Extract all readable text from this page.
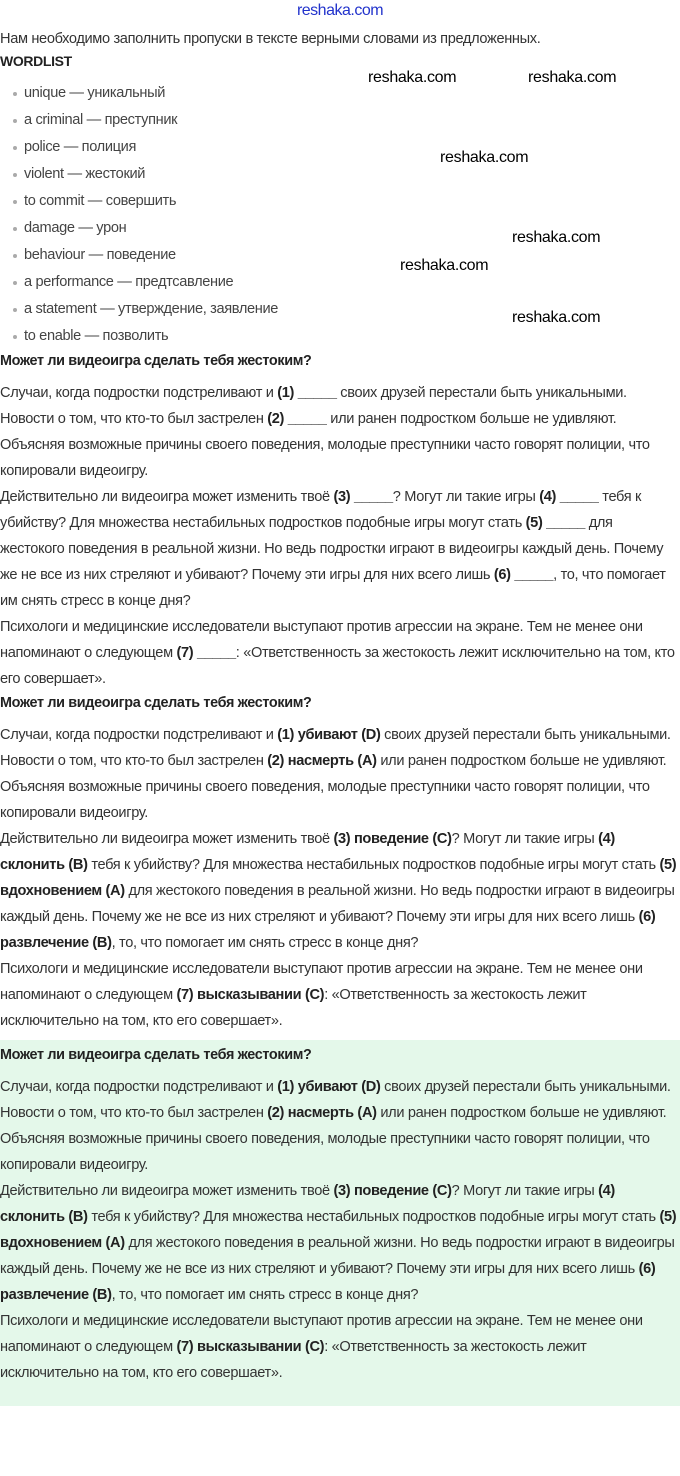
reshaka.com

Нам необходимо заполнить пропуски в тексте верными словами из предложенных.

WORDLIST

unique — уникальный
a criminal — преступник
police — полиция
violent — жестокий
to commit — совершить
damage — урон
behaviour — поведение
a performance — предтсавление
a statement — утверждение, заявление
to enable — позволить
Может ли видеоигра сделать тебя жестоким?

Случаи, когда подростки подстреливают и (1) _____ своих друзей перестали быть уникальными. Новости о том, что кто-то был застрелен (2) _____ или ранен подростком больше не удивляют. Объясняя возможные причины своего поведения, молодые преступники часто говорят полиции, что копировали видеоигру.

Действительно ли видеоигра может изменить твоё (3) _____? Могут ли такие игры (4) _____ тебя к убийству? Для множества нестабильных подростков подобные игры могут стать (5) _____ для жестокого поведения в реальной жизни. Но ведь подростки играют в видеоигры каждый день. Почему же не все из них стреляют и убивают? Почему эти игры для них всего лишь (6) _____, то, что помогает им снять стресс в конце дня?

Психологи и медицинские исследователи выступают против агрессии на экране. Тем не менее они напоминают о следующем (7) _____: «Ответственность за жестокость лежит исключительно на том, кто его совершает».

Может ли видеоигра сделать тебя жестоким?

Случаи, когда подростки подстреливают и (1) убивают (D) своих друзей перестали быть уникальными. Новости о том, что кто-то был застрелен (2) насмерть (A) или ранен подростком больше не удивляют. Объясняя возможные причины своего поведения, молодые преступники часто говорят полиции, что копировали видеоигру.

Действительно ли видеоигра может изменить твоё (3) поведение (C)? Могут ли такие игры (4) склонить (B) тебя к убийству? Для множества нестабильных подростков подобные игры могут стать (5) вдохновением (A) для жестокого поведения в реальной жизни. Но ведь подростки играют в видеоигры каждый день. Почему же не все из них стреляют и убивают? Почему эти игры для них всего лишь (6) развлечение (B), то, что помогает им снять стресс в конце дня?

Психологи и медицинские исследователи выступают против агрессии на экране. Тем не менее они напоминают о следующем (7) высказывании (C): «Ответственность за жестокость лежит исключительно на том, кто его совершает».

Может ли видеоигра сделать тебя жестоким?

Случаи, когда подростки подстреливают и (1) убивают (D) своих друзей перестали быть уникальными. Новости о том, что кто-то был застрелен (2) насмерть (A) или ранен подростком больше не удивляют. Объясняя возможные причины своего поведения, молодые преступники часто говорят полиции, что копировали видеоигру.

Действительно ли видеоигра может изменить твоё (3) поведение (C)? Могут ли такие игры (4) склонить (B) тебя к убийству? Для множества нестабильных подростков подобные игры могут стать (5) вдохновением (A) для жестокого поведения в реальной жизни. Но ведь подростки играют в видеоигры каждый день. Почему же не все из них стреляют и убивают? Почему эти игры для них всего лишь (6) развлечение (B), то, что помогает им снять стресс в конце дня?

Психологи и медицинские исследователи выступают против агрессии на экране. Тем не менее они напоминают о следующем (7) высказывании (C): «Ответственность за жестокость лежит исключительно на том, кто его совершает».

reshaka.com	reshaka.com
reshaka.com
reshaka.com
reshaka.com
reshaka.com
